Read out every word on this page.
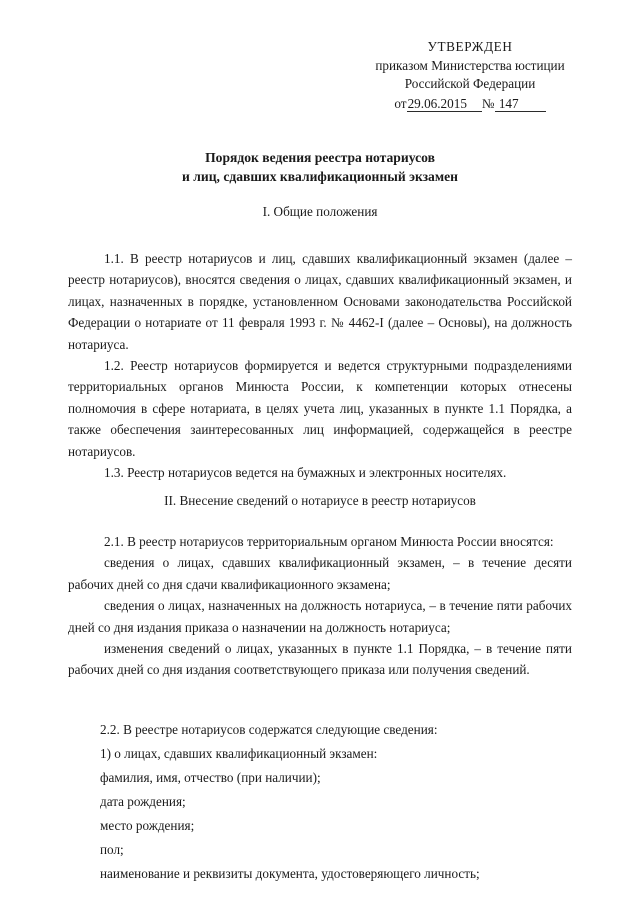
УТВЕРЖДЕН
приказом Министерства юстиции
Российской Федерации
от29.06.2015 № 147
Порядок ведения реестра нотариусов
и лиц, сдавших квалификационный экзамен
I. Общие положения

1.1. В реестр нотариусов и лиц, сдавших квалификационный экзамен (далее – реестр нотариусов), вносятся сведения о лицах, сдавших квалификационный экзамен, и лицах, назначенных в порядке, установленном Основами законодательства Российской Федерации о нотариате от 11 февраля 1993 г. № 4462-I (далее – Основы), на должность нотариуса.

1.2. Реестр нотариусов формируется и ведется структурными подразделениями территориальных органов Минюста России, к компетенции которых отнесены полномочия в сфере нотариата, в целях учета лиц, указанных в пункте 1.1 Порядка, а также обеспечения заинтересованных лиц информацией, содержащейся в реестре нотариусов.

1.3. Реестр нотариусов ведется на бумажных и электронных носителях.

II. Внесение сведений о нотариусе в реестр нотариусов

2.1. В реестр нотариусов территориальным органом Минюста России вносятся:

сведения о лицах, сдавших квалификационный экзамен, – в течение десяти рабочих дней со дня сдачи квалификационного экзамена;

сведения о лицах, назначенных на должность нотариуса, – в течение пяти рабочих дней со дня издания приказа о назначении на должность нотариуса;

изменения сведений о лицах, указанных в пункте 1.1 Порядка, – в течение пяти рабочих дней со дня издания соответствующего приказа или получения сведений.

2.2. В реестре нотариусов содержатся следующие сведения:

1) о лицах, сдавших квалификационный экзамен:

фамилия, имя, отчество (при наличии);

дата рождения;

место рождения;

пол;

наименование и реквизиты документа, удостоверяющего личность;
